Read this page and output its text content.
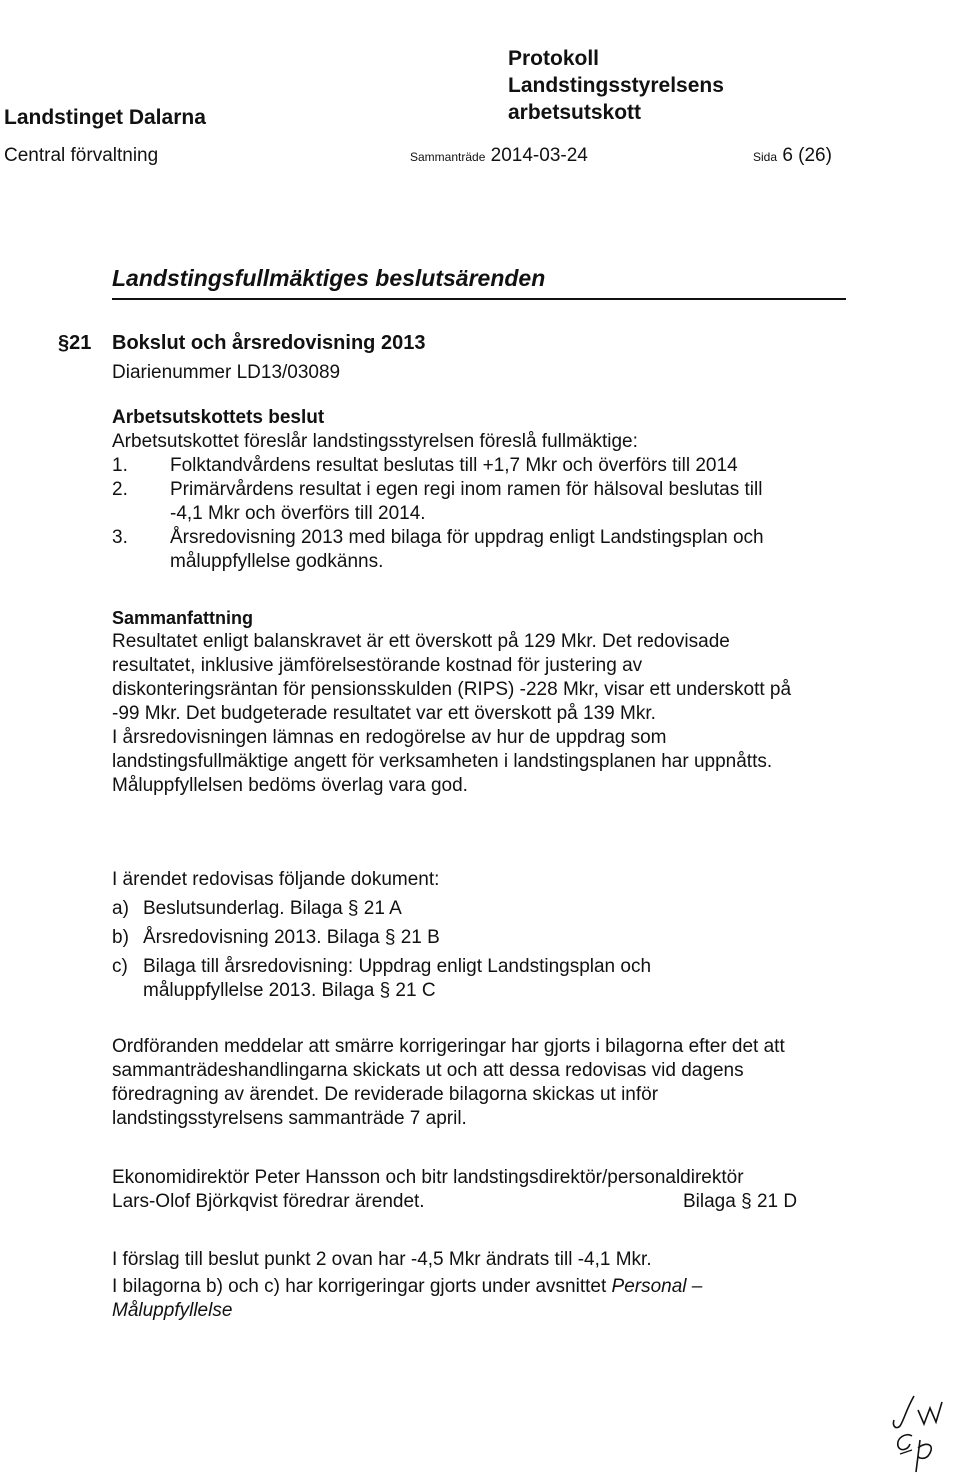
Landstinget Dalarna
Protokoll
Landstingsstyrelsens
arbetsutskott
Central förvaltning	Sammanträde 2014-03-24	Sida 6 (26)
Landstingsfullmäktiges beslutsärenden
§21 Bokslut och årsredovisning 2013
Diarienummer LD13/03089
Arbetsutskottets beslut
Arbetsutskottet föreslår landstingsstyrelsen föreslå fullmäktige:
1.	Folktandvårdens resultat beslutas till +1,7 Mkr och överförs till 2014
2.	Primärvårdens resultat i egen regi inom ramen för hälsoval beslutas till -4,1 Mkr och överförs till 2014.
3.	Årsredovisning 2013 med bilaga för uppdrag enligt Landstingsplan och måluppfyllelse godkänns.
Sammanfattning
Resultatet enligt balanskravet är ett överskott på 129 Mkr. Det redovisade resultatet, inklusive jämförelsestörande kostnad för justering av diskonteringsräntan för pensionsskulden (RIPS) -228 Mkr, visar ett underskott på -99 Mkr. Det budgeterade resultatet var ett överskott på 139 Mkr.
I årsredovisningen lämnas en redogörelse av hur de uppdrag som landstingsfullmäktige angett för verksamheten i landstingsplanen har uppnåtts. Måluppfyllelsen bedöms överlag vara god.
I ärendet redovisas följande dokument:
a) Beslutsunderlag. Bilaga § 21 A
b) Årsredovisning 2013. Bilaga § 21 B
c) Bilaga till årsredovisning: Uppdrag enligt Landstingsplan och måluppfyllelse 2013. Bilaga § 21 C
Ordföranden meddelar att smärre korrigeringar har gjorts i bilagorna efter det att sammanträdeshandlingarna skickats ut och att dessa redovisas vid dagens föredragning av ärendet. De reviderade bilagorna skickas ut inför landstingsstyrelsens sammanträde 7 april.
Ekonomidirektör Peter Hansson och bitr landstingsdirektör/personaldirektör
Lars-Olof Björkqvist föredrar ärendet.	Bilaga § 21 D
I förslag till beslut punkt 2 ovan har -4,5 Mkr ändrats till -4,1 Mkr.
I bilagorna b) och c) har korrigeringar gjorts under avsnittet Personal – Måluppfyllelse
